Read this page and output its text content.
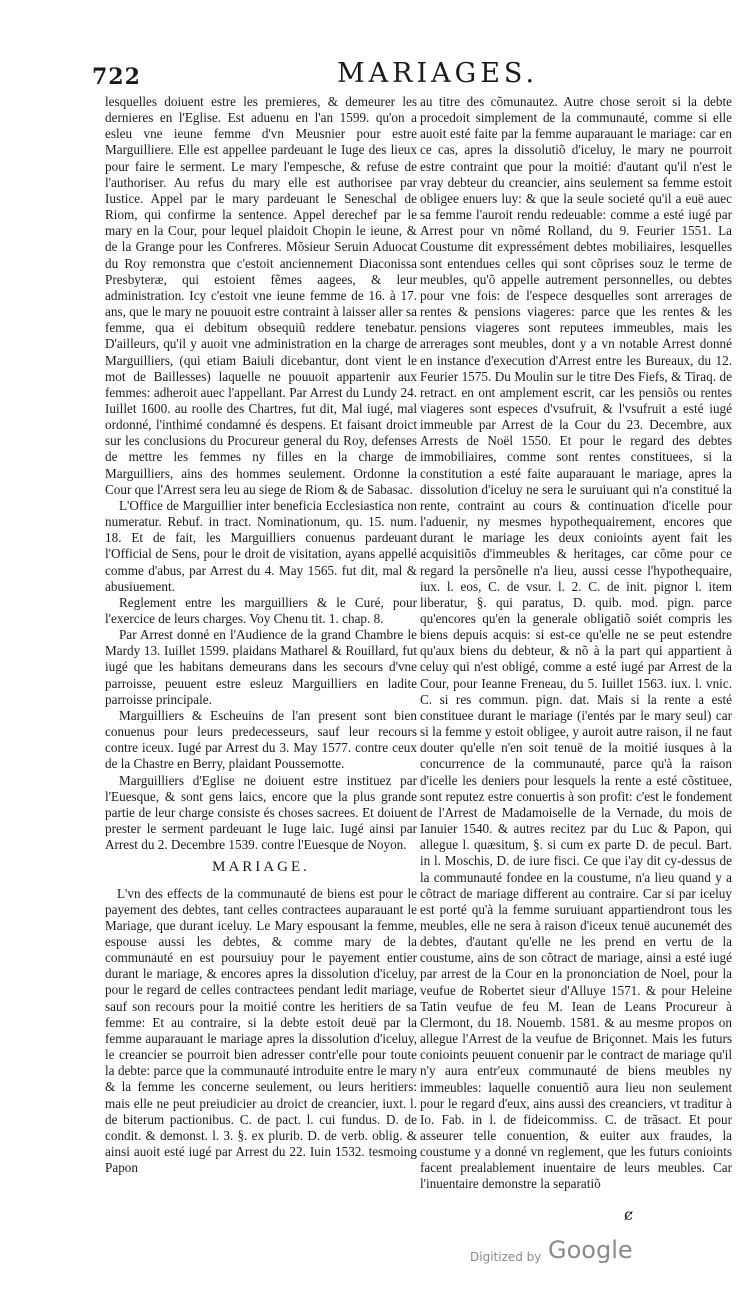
722	MARIAGES.

lesquelles doiuent estre les premieres, & demeurer les dernieres en l'Eglise. Est aduenu en l'an 1599. qu'on a esleu vne ieune femme d'vn Meusnier pour estre Marguilliere. Elle est appellee pardeuant le Iuge des lieux pour faire le serment. Le mary l'empesche, & refuse de l'authoriser. Au refus du mary elle est authorisee par Iustice. Appel par le mary pardeuant le Seneschal de Riom, qui confirme la sentence. Appel derechef par le mary en la Cour, pour lequel plaidoit Chopin le ieune, & de la Grange pour les Confreres. Mõsieur Seruin Aduocat du Roy remonstra que c'estoit anciennement Diaconissa Presbyteræ, qui estoient fẽmes aagees, & leur administration. Icy c'estoit vne ieune femme de 16. à 17. ans, que le mary ne pouuoit estre contraint à laisser aller sa femme, qua ei debitum obsequiũ reddere tenebatur. D'ailleurs, qu'il y auoit vne administration en la charge de Marguilliers, (qui etiam Baiuli dicebantur, dont vient le mot de Baillesses) laquelle ne pouuoit appartenir aux femmes: adheroit auec l'appellant. Par Arrest du Lundy 24. Iuillet 1600. au roolle des Chartres, fut dit, Mal iugé, mal ordonné, l'inthimé condamné és despens. Et faisant droict sur les conclusions du Procureur general du Roy, defenses de mettre les femmes ny filles en la charge de Marguilliers, ains des hommes seulement. Ordonne la Cour que l'Arrest sera leu au siege de Riom & de Sabasac.

L'Office de Marguillier inter beneficia Ecclesiastica non numeratur. Rebuf. in tract. Nominationum, qu. 15. num. 18. Et de fait, les Marguilliers conuenus pardeuant l'Official de Sens, pour le droit de visitation, ayans appellé comme d'abus, par Arrest du 4. May 1565. fut dit, mal & abusiuement.

Reglement entre les marguilliers & le Curé, pour l'exercice de leurs charges. Voy Chenu tit. 1. chap. 8.

Par Arrest donné en l'Audience de la grand Chambre le Mardy 13. Iuillet 1599. plaidans Matharel & Rouillard, fut iugé que les habitans demeurans dans les secours d'vne parroisse, peuuent estre esleuz Marguilliers en ladite parroisse principale.

Marguilliers & Escheuins de l'an present sont bien conuenus pour leurs predecesseurs, sauf leur recours contre iceux. Iugé par Arrest du 3. May 1577. contre ceux de la Chastre en Berry, plaidant Poussemotte.

Marguilliers d'Eglise ne doiuent estre instituez par l'Euesque, & sont gens laics, encore que la plus grande partie de leur charge consiste és choses sacrees. Et doiuent prester le serment pardeuant le Iuge laic. Iugé ainsi par Arrest du 2. Decembre 1539. contre l'Euesque de Noyon.

MARIAGE.

L'vn des effects de la communauté de biens est pour le payement des debtes, tant celles contractees auparauant le Mariage, que durant iceluy. Le Mary espousant la femme, espouse aussi les debtes, & comme mary de la communauté en est poursuiuy pour le payement entier durant le mariage, & encores apres la dissolution d'iceluy, pour le regard de celles contractees pendant ledit mariage, sauf son recours pour la moitié contre les heritiers de sa femme: Et au contraire, si la debte estoit deuë par la femme auparauant le mariage apres la dissolution d'iceluy, le creancier se pourroit bien adresser contr'elle pour toute la debte: parce que la communauté introduite entre le mary & la femme les concerne seulement, ou leurs heritiers: mais elle ne peut preiudicier au droict de creancier, iuxt. l. de biterum pactionibus. C. de pact. l. cui fundus. D. de condit. & demonst. l. 3. §. ex plurib. D. de verb. oblig. & ainsi auoit esté iugé par Arrest du 22. Iuin 1532. tesmoing Papon

au titre des cõmunautez. Autre chose seroit si la debte procedoit simplement de la communauté, comme si elle auoit esté faite par la femme auparauant le mariage: car en ce cas, apres la dissolutiõ d'iceluy, le mary ne pourroit estre contraint que pour la moitié: d'autant qu'il n'est le vray debteur du creancier, ains seulement sa femme estoit obligee enuers luy: & que la seule societé qu'il a euë auec sa femme l'auroit rendu redeuable: comme a esté iugé par Arrest pour vn nõmé Rolland, du 9. Feurier 1551. La Coustume dit expressément debtes mobiliaires, lesquelles sont entendues celles qui sont cõprises souz le terme de meubles, qu'õ appelle autrement personnelles, ou debtes pour vne fois: de l'espece desquelles sont arrerages de rentes & pensions viageres: parce que les rentes & les pensions viageres sont reputees immeubles, mais les arrerages sont meubles, dont y a vn notable Arrest donné en instance d'execution d'Arrest entre les Bureaux, du 12. Feurier 1575. Du Moulin sur le titre Des Fiefs, & Tiraq. de retract. en ont amplement escrit, car les pensiõs ou rentes viageres sont especes d'vsufruit, & l'vsufruit a esté iugé immeuble par Arrest de la Cour du 23. Decembre, aux Arrests de Noël 1550. Et pour le regard des debtes immobiliaires, comme sont rentes constituees, si la constitution a esté faite auparauant le mariage, apres la dissolution d'iceluy ne sera le suruiuant qui n'a constitué la rente, contraint au cours & continuation d'icelle pour l'aduenir, ny mesmes hypothequairement, encores que durant le mariage les deux conioints ayent fait les acquisitiõs d'immeubles & heritages, car cõme pour ce regard la persõnelle n'a lieu, aussi cesse l'hypothequaire, iux. l. eos, C. de vsur. l. 2. C. de init. pignor l. item liberatur, §. qui paratus, D. quib. mod. pign. parce qu'encores qu'en la generale obligatiõ soiét compris les biens depuis acquis: si est-ce qu'elle ne se peut estendre qu'aux biens du debteur, & nõ à la part qui appartient à celuy qui n'est obligé, comme a esté iugé par Arrest de la Cour, pour Ieanne Freneau, du 5. Iuillet 1563. iux. l. vnic. C. si res commun. pign. dat. Mais si la rente a esté constituee durant le mariage (i'entés par le mary seul) car si la femme y estoit obligee, y auroit autre raison, il ne faut douter qu'elle n'en soit tenuë de la moitié iusques à la concurrence de la communauté, parce qu'à la raison d'icelle les deniers pour lesquels la rente a esté cõstituee, sont reputez estre conuertis à son profit: c'est le fondement de l'Arrest de Madamoiselle de la Vernade, du mois de Ianuier 1540. & autres recitez par du Luc & Papon, qui allegue l. quæsitum, §. si cum ex parte D. de pecul. Bart. in l. Moschis, D. de iure fisci. Ce que i'ay dit cy-dessus de la communauté fondee en la coustume, n'a lieu quand y a cõtract de mariage different au contraire. Car si par iceluy est porté qu'à la femme suruiuant appartiendront tous les meubles, elle ne sera à raison d'iceux tenuë aucunemét des debtes, d'autant qu'elle ne les prend en vertu de la coustume, ains de son cõtract de mariage, ainsi a esté iugé par arrest de la Cour en la prononciation de Noel, pour la veufue de Robertet sieur d'Alluye 1571. & pour Heleine Tatin veufue de feu M. Iean de Leans Procureur à Clermont, du 18. Nouemb. 1581. & au mesme propos on allegue l'Arrest de la veufue de Briçonnet. Mais les futurs conioints peuuent conuenir par le contract de mariage qu'il n'y aura entr'eux communauté de biens meubles ny immeubles: laquelle conuentiõ aura lieu non seulement pour le regard d'eux, ains aussi des creanciers, vt traditur à Io. Fab. in l. de fideicommiss. C. de trãsact. Et pour asseurer telle conuention, & euiter aux fraudes, la coustume y a donné vn reglement, que les futurs conioints facent prealablement inuentaire de leurs meubles. Car l'inuentaire demonstre la separatiõ

ȼ
Digitized by Google
